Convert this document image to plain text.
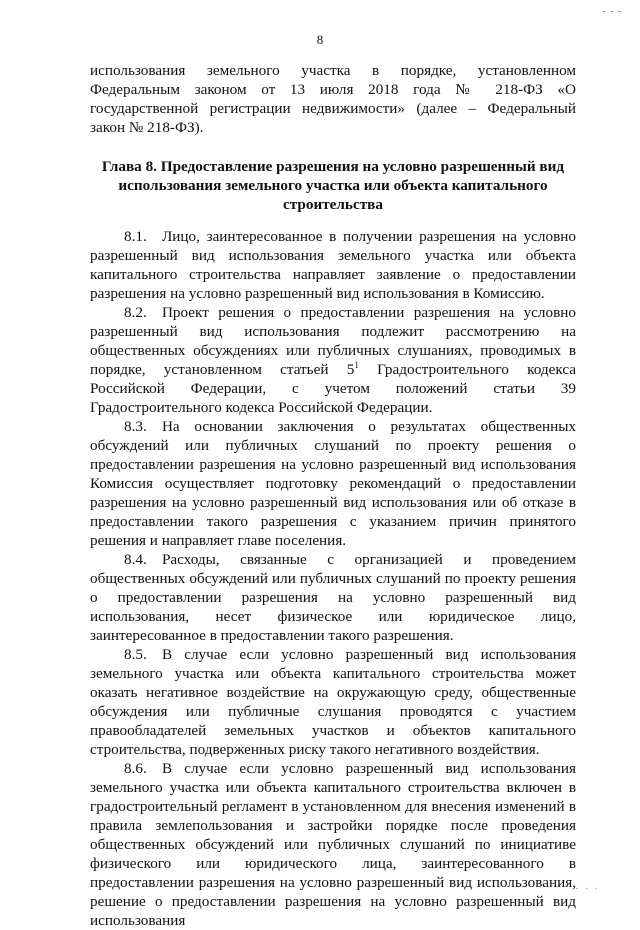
- - -
8

использования земельного участка в порядке, установленном Федеральным законом от 13 июля 2018 года № 218-ФЗ «О государственной регистрации недвижимости» (далее – Федеральный закон № 218-ФЗ).

Глава 8. Предоставление разрешения на условно разрешенный вид использования земельного участка или объекта капитального строительства

8.1. Лицо, заинтересованное в получении разрешения на условно разрешенный вид использования земельного участка или объекта капитального строительства направляет заявление о предоставлении разрешения на условно разрешенный вид использования в Комиссию.

8.2. Проект решения о предоставлении разрешения на условно разрешенный вид использования подлежит рассмотрению на общественных обсуждениях или публичных слушаниях, проводимых в порядке, установленном статьей $5^1$ Градостроительного кодекса Российской Федерации, с учетом положений статьи 39 Градостроительного кодекса Российской Федерации.

8.3. На основании заключения о результатах общественных обсуждений или публичных слушаний по проекту решения о предоставлении разрешения на условно разрешенный вид использования Комиссия осуществляет подготовку рекомендаций о предоставлении разрешения на условно разрешенный вид использования или об отказе в предоставлении такого разрешения с указанием причин принятого решения и направляет главе поселения.

8.4. Расходы, связанные с организацией и проведением общественных обсуждений или публичных слушаний по проекту решения о предоставлении разрешения на условно разрешенный вид использования, несет физическое или юридическое лицо, заинтересованное в предоставлении такого разрешения.

8.5. В случае если условно разрешенный вид использования земельного участка или объекта капитального строительства может оказать негативное воздействие на окружающую среду, общественные обсуждения или публичные слушания проводятся с участием правообладателей земельных участков и объектов капитального строительства, подверженных риску такого негативного воздействия.

8.6. В случае если условно разрешенный вид использования земельного участка или объекта капитального строительства включен в градостроительный регламент в установленном для внесения изменений в правила землепользования и застройки порядке после проведения общественных обсуждений или публичных слушаний по инициативе физического или юридического лица, заинтересованного в предоставлении разрешения на условно разрешенный вид использования, решение о предоставлении разрешения на условно разрешенный вид использования

· · ·
